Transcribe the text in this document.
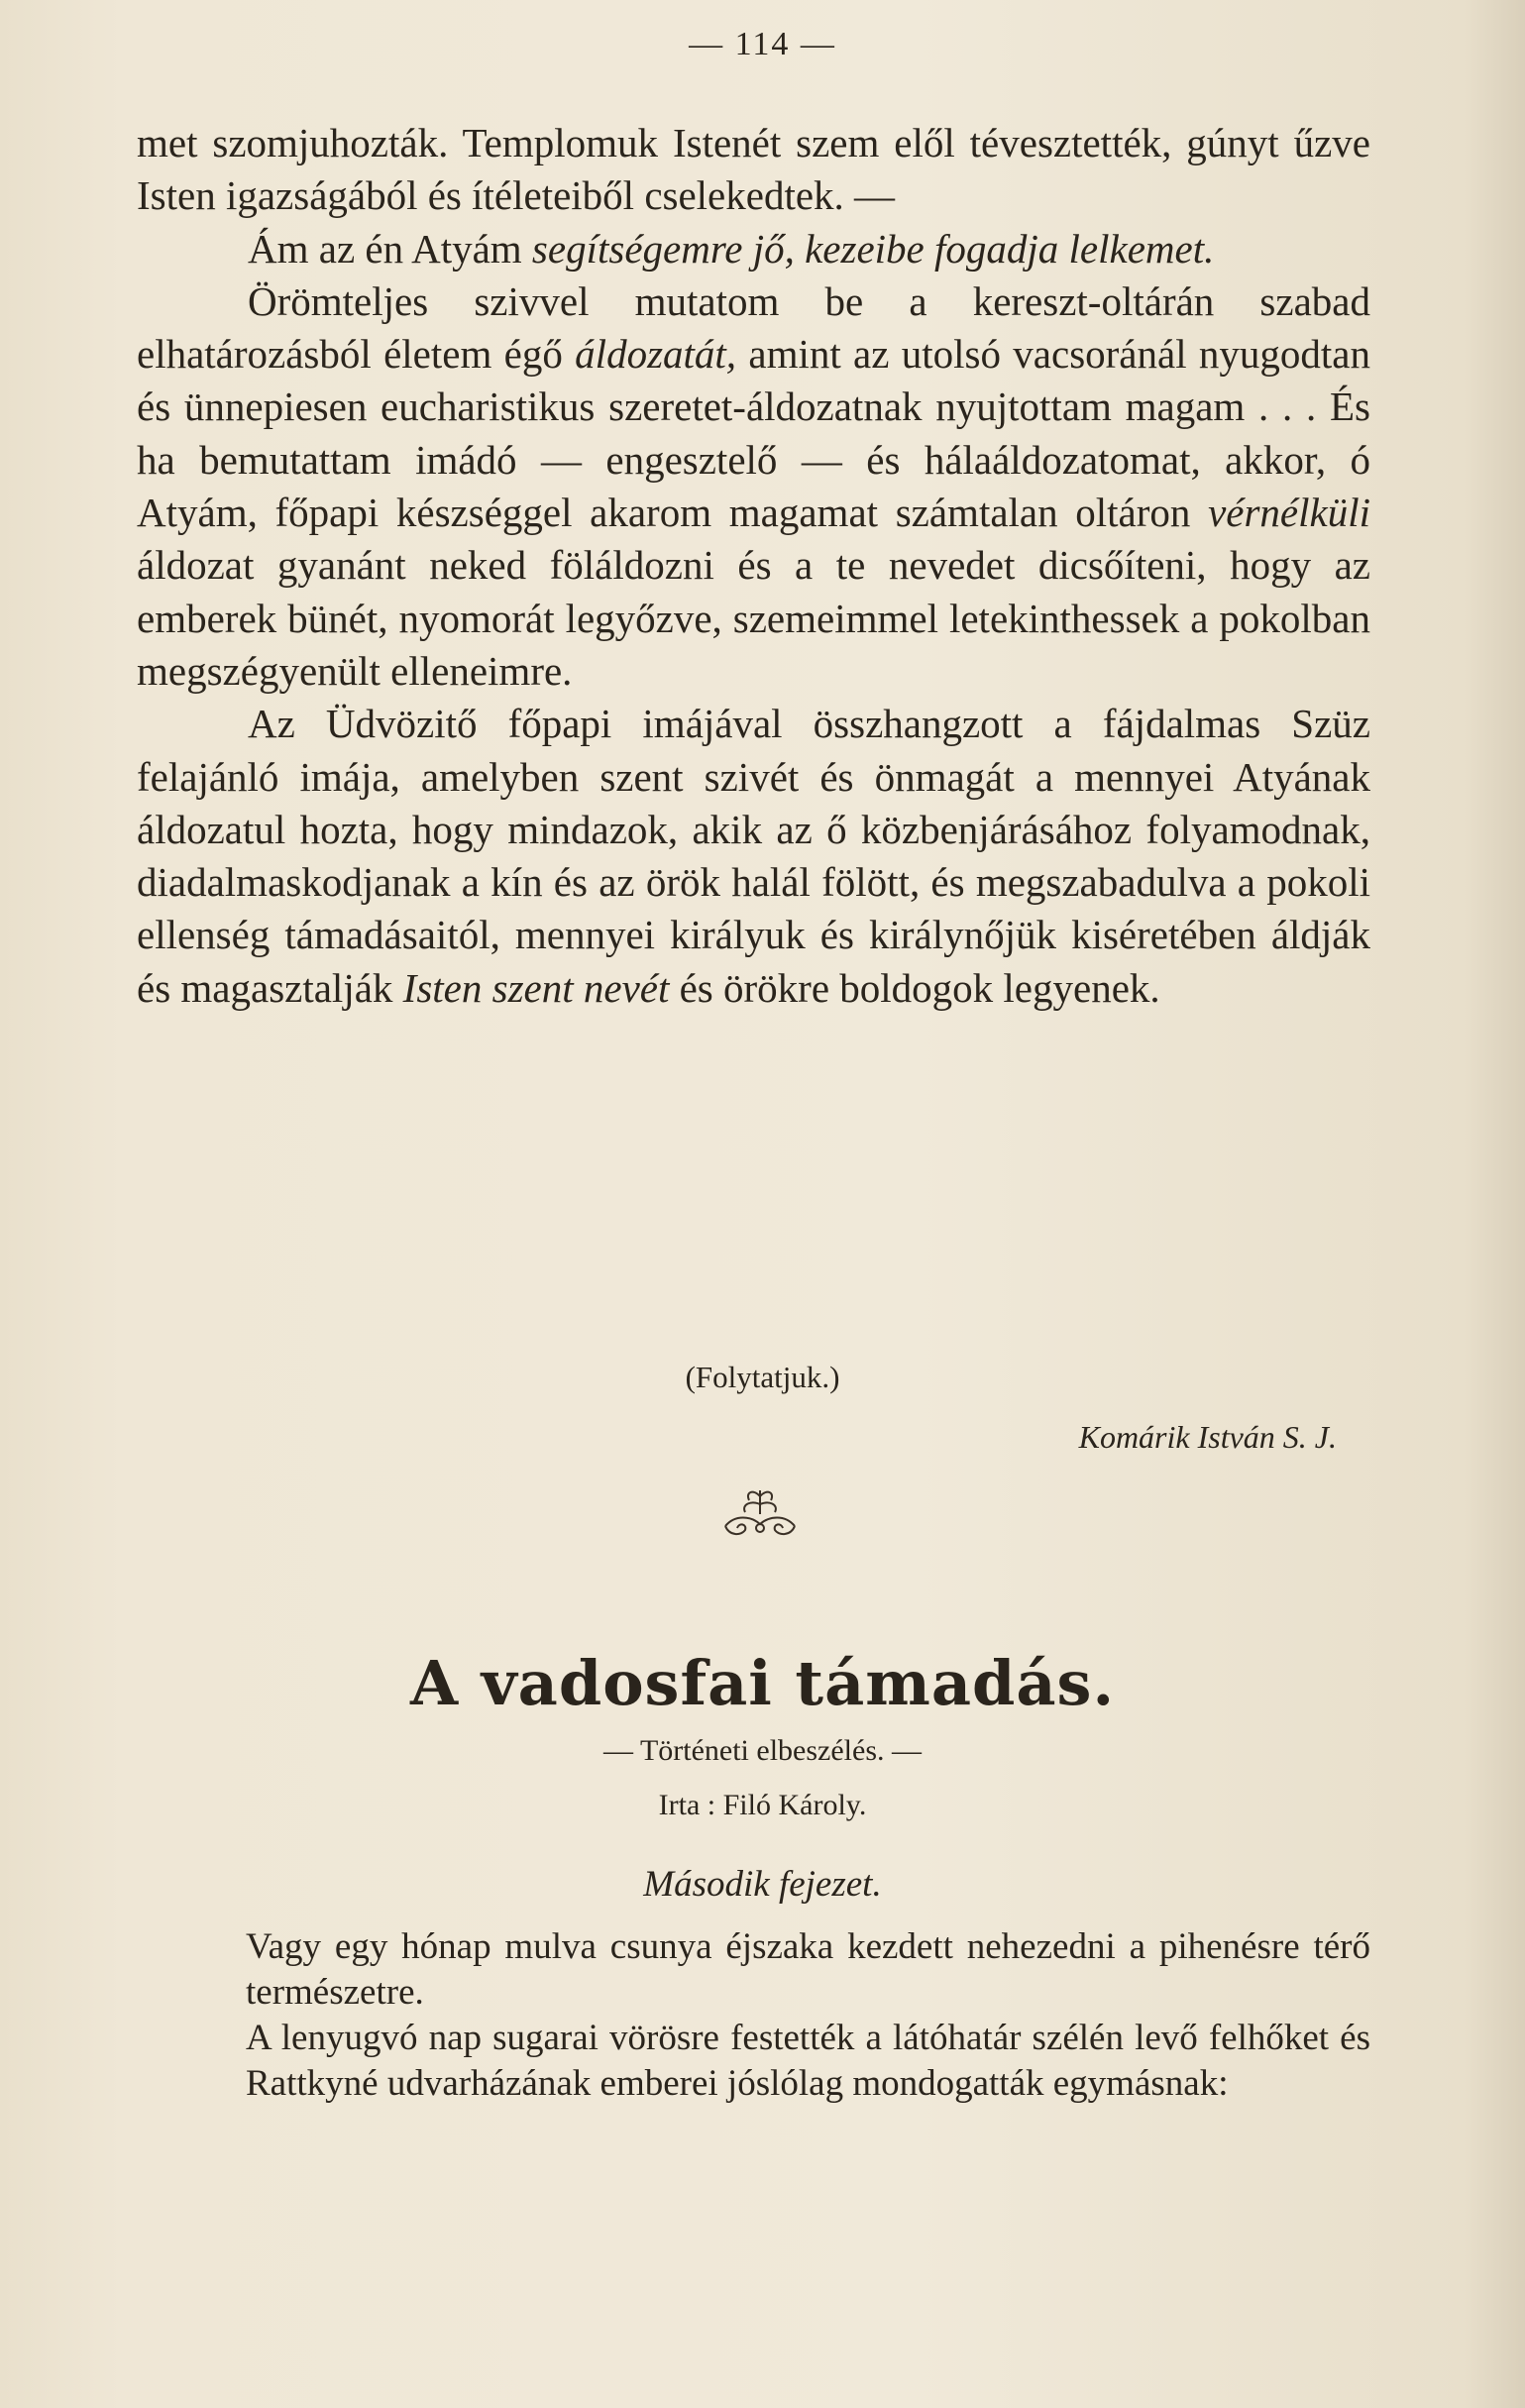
— 114 —

met szomjuhozták. Templomuk Istenét szem elől tévesztették, gúnyt űzve Isten igazságából és ítéleteiből cselekedtek. —

Ám az én Atyám segítségemre jő, kezeibe fogadja lelkemet.

Örömteljes szivvel mutatom be a kereszt-oltárán szabad elhatározásból életem égő áldozatát, amint az utolsó vacsoránál nyugodtan és ünnepiesen eucharistikus szeretet-áldozatnak nyujtottam magam . . . És ha bemutattam imádó — engesztelő — és hálaáldozatomat, akkor, ó Atyám, főpapi készséggel akarom magamat számtalan oltáron vérnélküli áldozat gyanánt neked föláldozni és a te nevedet dicsőíteni, hogy az emberek bünét, nyomorát legyőzve, szemeimmel letekinthessek a pokolban megszégyenült elleneimre.

Az Üdvözitő főpapi imájával összhangzott a fájdalmas Szüz felajánló imája, amelyben szent szivét és önmagát a mennyei Atyának áldozatul hozta, hogy mindazok, akik az ő közbenjárásához folyamodnak, diadalmaskodjanak a kín és az örök halál fölött, és megszabadulva a pokoli ellenség támadásaitól, mennyei királyuk és királynőjük kiséretében áldják és magasztalják Isten szent nevét és örökre boldogok legyenek.

(Folytatjuk.)
Komárik István S. J.
A vadosfai támadás.
— Történeti elbeszélés. —
Irta : Filó Károly.
Második fejezet.

Vagy egy hónap mulva csunya éjszaka kezdett nehezedni a pihenésre térő természetre.

A lenyugvó nap sugarai vörösre festették a látóhatár szélén levő felhőket és Rattkyné udvarházának emberei jóslólag mondogatták egymásnak:
